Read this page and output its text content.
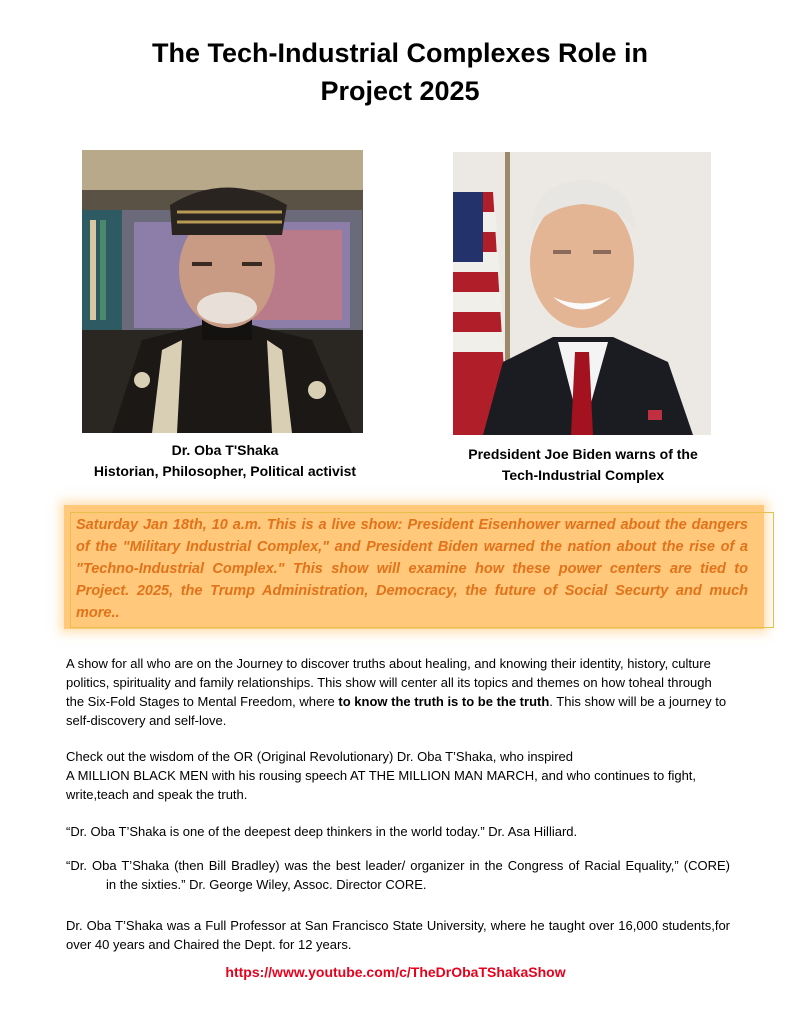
The Tech-Industrial Complexes Role in
Project 2025
Dr. Oba T'Shaka
Historian, Philosopher, Political activist
Predsident Joe Biden warns of the
Tech-Industrial Complex
Saturday Jan 18th, 10 a.m. This is a live show: President Eisenhower warned about the dangers of the "Military Industrial Complex," and President Biden warned the nation about the rise of a "Techno-Industrial Complex." This show will examine how these power centers are tied to Project. 2025, the Trump Administration, Democracy, the future of Social Securty and much more..

A show for all who are on the Journey to discover truths about healing, and knowing their identity, history, culture politics, spirituality and family relationships. This show will center all its topics and themes on how toheal through the Six-Fold Stages to Mental Freedom, where to know the truth is to be the truth. This show will be a journey to self-discovery and self-love.

Check out the wisdom of the OR (Original Revolutionary) Dr. Oba T’Shaka, who inspired
A MILLION BLACK MEN with his rousing speech AT THE MILLION MAN MARCH, and who continues to fight, write,teach and speak the truth.

“Dr. Oba T’Shaka is one of the deepest deep thinkers in the world today.” Dr. Asa Hilliard.

“Dr. Oba T’Shaka (then Bill Bradley) was the best leader/ organizer in the Congress of Racial Equality,” (CORE)in the sixties.” Dr. George Wiley, Assoc. Director CORE.

Dr. Oba T’Shaka was a Full Professor at San Francisco State University, where he taught over 16,000 students,for over 40 years and Chaired the Dept. for 12 years.

https://www.youtube.com/c/TheDrObaTShakaShow
